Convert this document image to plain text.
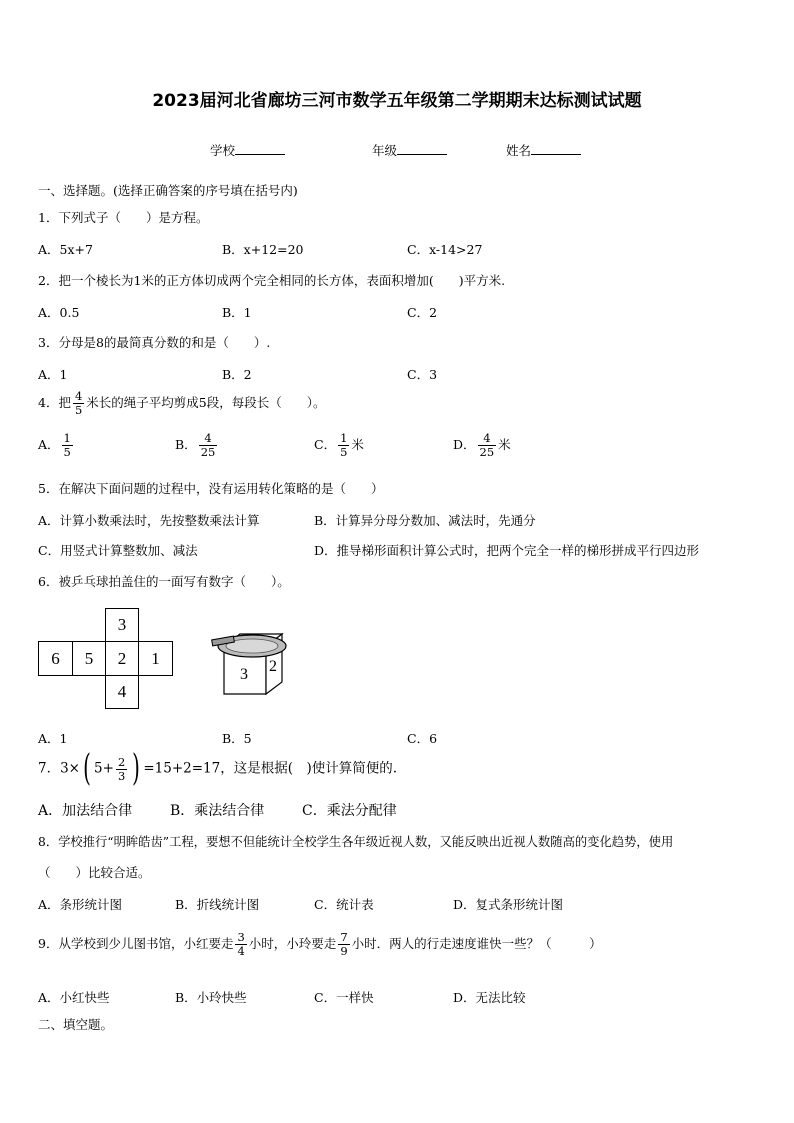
2023届河北省廊坊三河市数学五年级第二学期期末达标测试试题
学校	年级	姓名
一、选择题。(选择正确答案的序号填在括号内)
1．下列式子（　　）是方程。
A．5x+7	B．x+12=20	C．x-14>27
2．把一个棱长为1米的正方体切成两个完全相同的长方体，表面积增加(　　)平方米.
A．0.5	B．1	C．2
3．分母是8的最简真分数的和是（　　）.
A．1	B．2	C．3
4．把 $\frac{4}{5}$ 米长的绳子平均剪成5段，每段长（　　）。
A． $\frac{1}{5}$	B． $\frac{4}{25}$	C． $\frac{1}{5}$ 米	D． $\frac{4}{25}$ 米
5．在解决下面问题的过程中，没有运用转化策略的是（　　）
A．计算小数乘法时，先按整数乘法计算	B．计算异分母分数加、减法时，先通分
C．用竖式计算整数加、减法	D．推导梯形面积计算公式时，把两个完全一样的梯形拼成平行四边形
6．被乒乓球拍盖住的一面写有数字（　　）。
3
6	5	2	1
4
3 2
A．1	B．5	C．6
7．3×( $5+ \frac{2}{3}$ ) =15+2=17，这是根据(　)使计算简便的.
A．加法结合律	B．乘法结合律	C．乘法分配律
8．学校推行“明眸皓齿”工程，要想不但能统计全校学生各年级近视人数，又能反映出近视人数随高的变化趋势，使用
（　　）比较合适。
A．条形统计图	B．折线统计图	C．统计表	D．复式条形统计图
9．从学校到少儿图书馆，小红要走 $\frac{3}{4}$ 小时，小玲要走 $\frac{7}{9}$ 小时．两人的行走速度谁快一些？（　　　）
A．小红快些	B．小玲快些	C．一样快	D．无法比较
二、填空题。
